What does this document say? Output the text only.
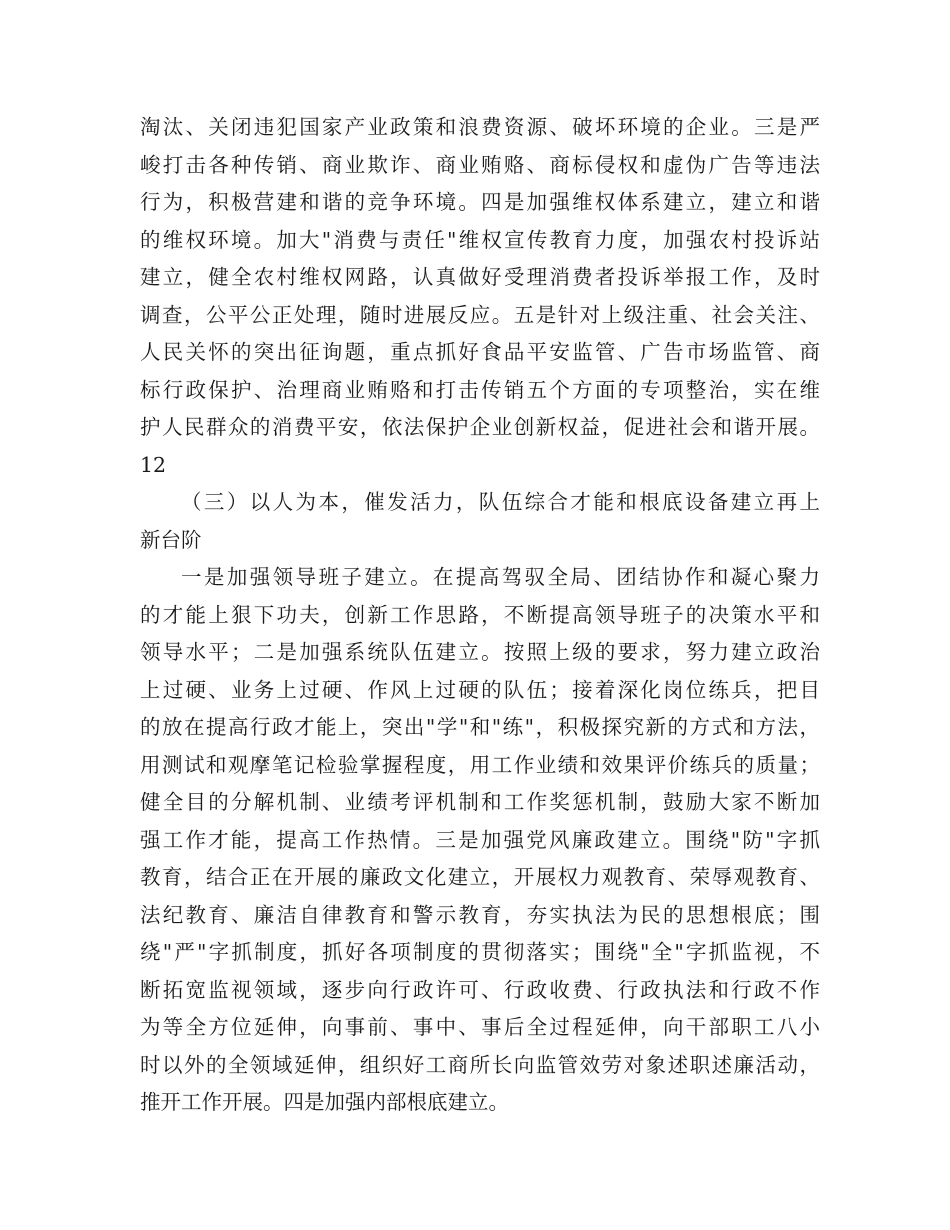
淘汰、关闭违犯国家产业政策和浪费资源、破坏环境的企业。三是严
峻打击各种传销、商业欺诈、商业贿赂、商标侵权和虚伪广告等违法
行为，积极营建和谐的竞争环境。四是加强维权体系建立，建立和谐
的维权环境。加大"消费与责任"维权宣传教育力度，加强农村投诉站
建立，健全农村维权网路，认真做好受理消费者投诉举报工作，及时
调查，公平公正处理，随时进展反应。五是针对上级注重、社会关注、
人民关怀的突出征询题，重点抓好食品平安监管、广告市场监管、商
标行政保护、治理商业贿赂和打击传销五个方面的专项整治，实在维
护人民群众的消费平安，依法保护企业创新权益，促进社会和谐开展。
12
（三）以人为本，催发活力，队伍综合才能和根底设备建立再上
新台阶
一是加强领导班子建立。在提高驾驭全局、团结协作和凝心聚力
的才能上狠下功夫，创新工作思路，不断提高领导班子的决策水平和
领导水平；二是加强系统队伍建立。按照上级的要求，努力建立政治
上过硬、业务上过硬、作风上过硬的队伍；接着深化岗位练兵，把目
的放在提高行政才能上，突出"学"和"练"，积极探究新的方式和方法，
用测试和观摩笔记检验掌握程度，用工作业绩和效果评价练兵的质量；
健全目的分解机制、业绩考评机制和工作奖惩机制，鼓励大家不断加
强工作才能，提高工作热情。三是加强党风廉政建立。围绕"防"字抓
教育，结合正在开展的廉政文化建立，开展权力观教育、荣辱观教育、
法纪教育、廉洁自律教育和警示教育，夯实执法为民的思想根底；围
绕"严"字抓制度，抓好各项制度的贯彻落实；围绕"全"字抓监视，不
断拓宽监视领域，逐步向行政许可、行政收费、行政执法和行政不作
为等全方位延伸，向事前、事中、事后全过程延伸，向干部职工八小
时以外的全领域延伸，组织好工商所长向监管效劳对象述职述廉活动，
推开工作开展。四是加强内部根底建立。
